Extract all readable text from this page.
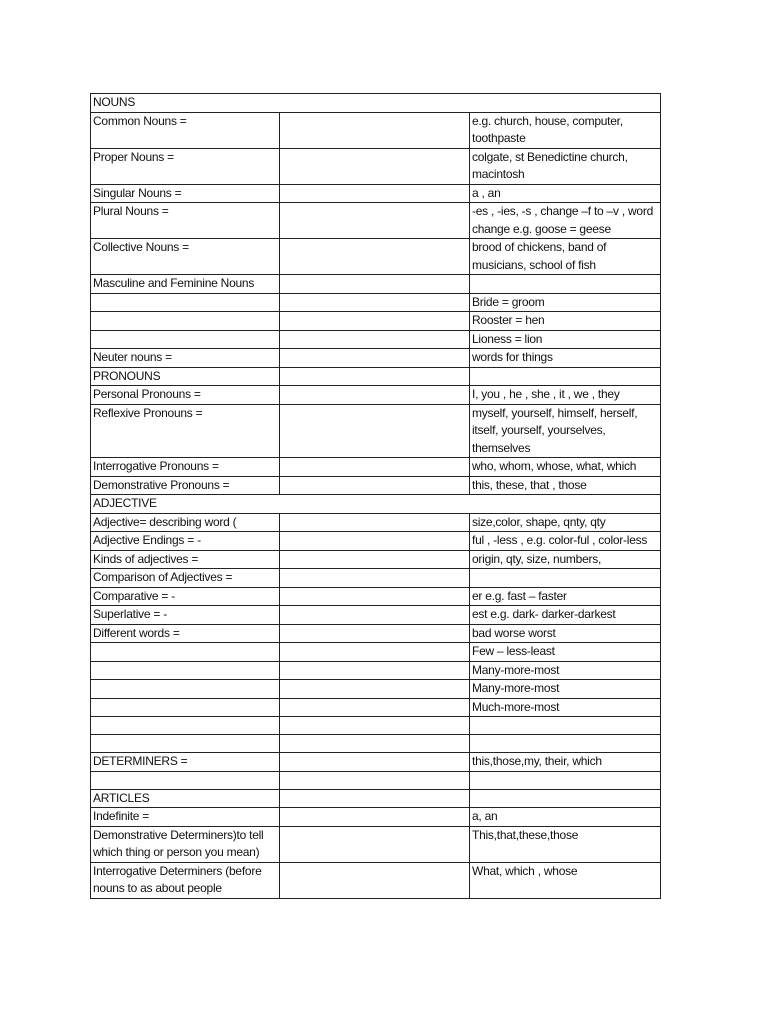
NOUNS		
Common Nouns =		e.g. church, house, computer, toothpaste
Proper Nouns =		colgate, st Benedictine church, macintosh
Singular Nouns =		a , an
Plural Nouns =		-es , -ies, -s , change –f to –v , word change e.g. goose = geese
Collective Nouns =		brood of chickens, band of musicians, school of fish
Masculine and Feminine Nouns		
		Bride = groom
		Rooster = hen
		Lioness = lion
Neuter nouns =		words for things
PRONOUNS		
Personal Pronouns =		I, you , he , she , it , we , they
Reflexive Pronouns =		myself, yourself, himself, herself, itself, yourself, yourselves, themselves
Interrogative Pronouns =		who, whom, whose, what, which
Demonstrative Pronouns =		this, these, that , those
ADJECTIVE		
Adjective= describing word (		size,color, shape, qnty, qty
Adjective Endings = -		ful , -less , e.g. color-ful , color-less
Kinds of adjectives =		origin, qty, size, numbers,
Comparison of Adjectives =		
Comparative = -		er e.g. fast – faster
Superlative = -		est e.g. dark- darker-darkest
Different words =		bad worse worst
		Few – less-least
		Many-more-most
		Many-more-most
		Much-more-most

DETERMINERS =		this,those,my, their, which

ARTICLES		
Indefinite =		a, an
Demonstrative Determiners)to tell which thing or person you mean)		This,that,these,those
Interrogative Determiners (before nouns to as about people		What, which , whose
